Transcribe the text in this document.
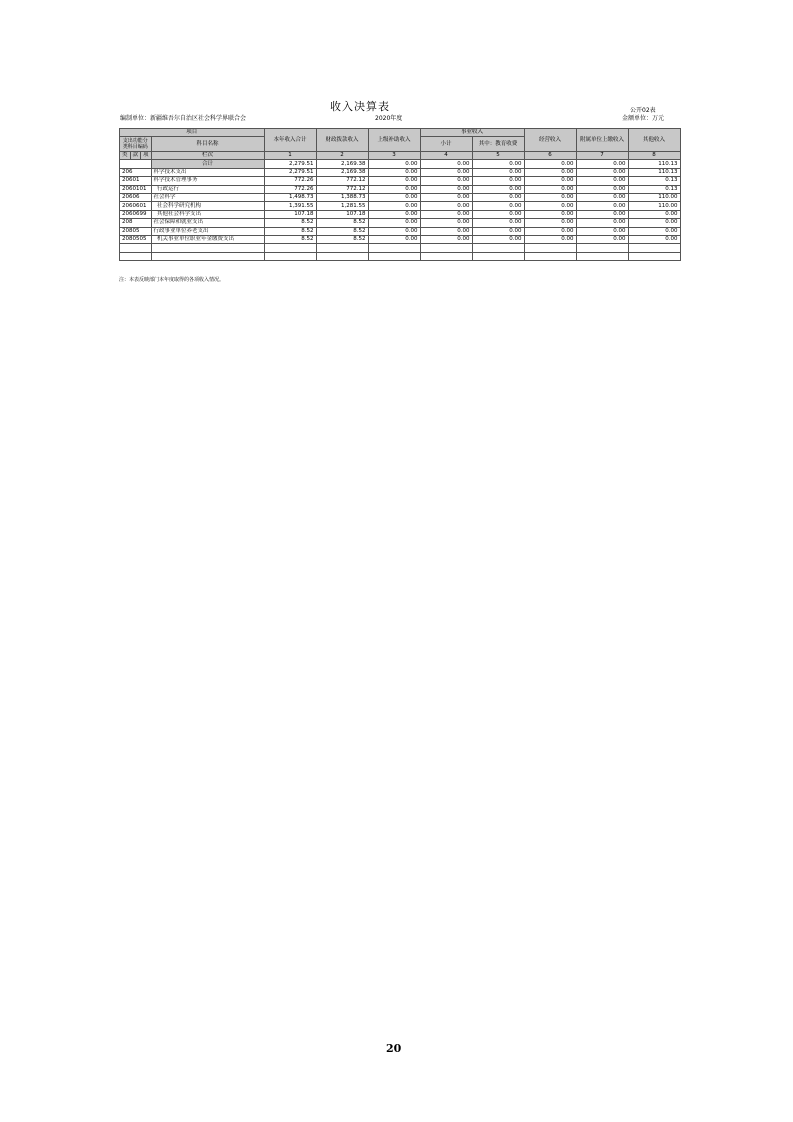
收入决算表	公开02表
编制单位：新疆维吾尔自治区社会科学界联合会	2020年度	金额单位：万元
项目				本年收入合计	财政拨款收入	上级补助收入	事业收入		经营收入	附属单位上缴收入	其他收入
支出功能分类科目编码			科目名称				小计	其中：教育收费			

类	款	项	栏次	1	2	3	4	5	6	7	8
			合计	2,279.51	2,169.38	0.00	0.00	0.00	0.00	0.00	110.13
206			科学技术支出	2,279.51	2,169.38	0.00	0.00	0.00	0.00	0.00	110.13
20601			科学技术管理事务	772.26	772.12	0.00	0.00	0.00	0.00	0.00	0.13
2060101			行政运行	772.26	772.12	0.00	0.00	0.00	0.00	0.00	0.13
20606			社会科学	1,498.73	1,388.73	0.00	0.00	0.00	0.00	0.00	110.00
2060601			社会科学研究机构	1,391.55	1,281.55	0.00	0.00	0.00	0.00	0.00	110.00
2060699			其他社会科学支出	107.18	107.18	0.00	0.00	0.00	0.00	0.00	0.00
208			社会保障和就业支出	8.52	8.52	0.00	0.00	0.00	0.00	0.00	0.00
20805			行政事业单位养老支出	8.52	8.52	0.00	0.00	0.00	0.00	0.00	0.00
2080505			机关事业单位职业年金缴费支出	8.52	8.52	0.00	0.00	0.00	0.00	0.00	0.00

注：本表反映部门本年度取得的各项收入情况。
20
